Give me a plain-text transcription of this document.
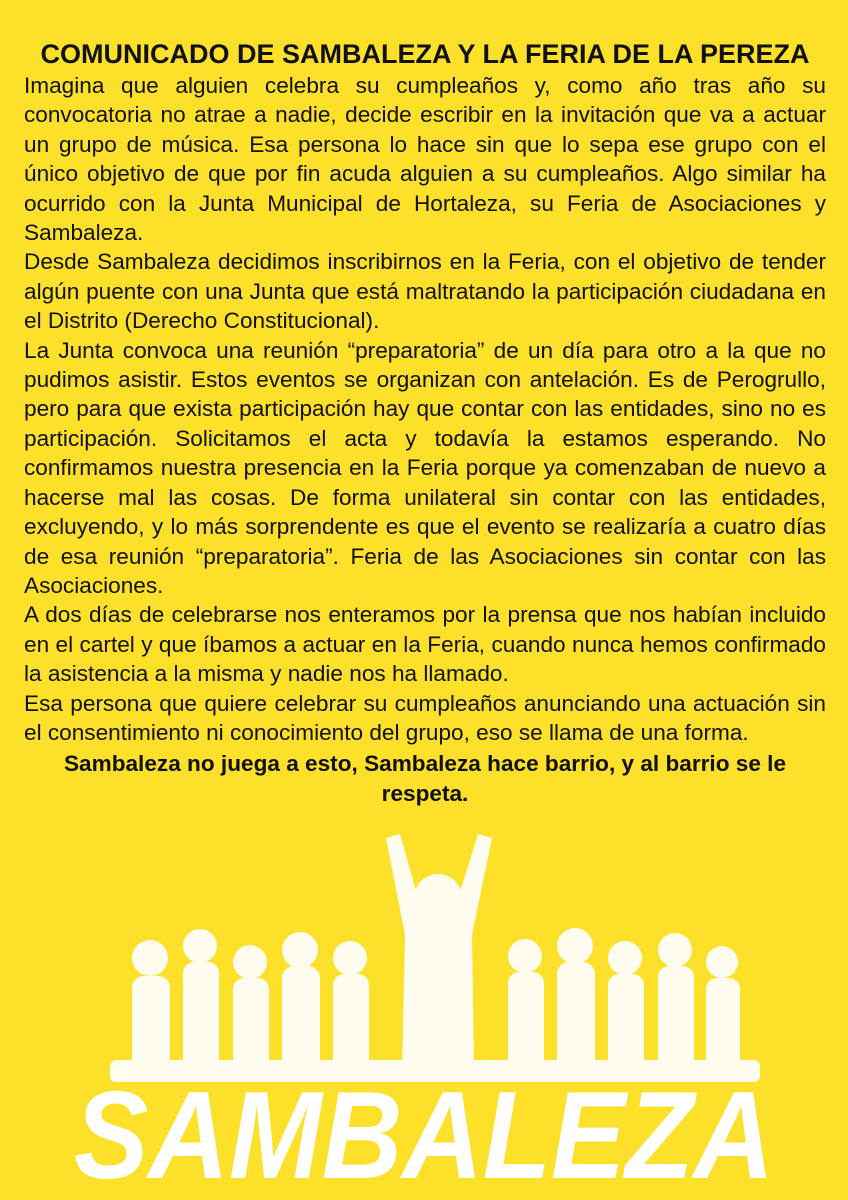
SAMBALEZA
COMUNICADO DE SAMBALEZA Y LA FERIA DE LA PEREZA

Imagina que alguien celebra su cumpleaños y, como año tras año su convocatoria no atrae a nadie, decide escribir en la invitación que va a actuar un grupo de música. Esa persona lo hace sin que lo sepa ese grupo con el único objetivo de que por fin acuda alguien a su cumpleaños. Algo similar ha ocurrido con la Junta Municipal de Hortaleza, su Feria de Asociaciones y Sambaleza.

Desde Sambaleza decidimos inscribirnos en la Feria, con el objetivo de tender algún puente con una Junta que está maltratando la participación ciudadana en el Distrito (Derecho Constitucional).

La Junta convoca una reunión “preparatoria” de un día para otro a la que no pudimos asistir. Estos eventos se organizan con antelación. Es de Perogrullo, pero para que exista participación hay que contar con las entidades, sino no es participación. Solicitamos el acta y todavía la estamos esperando. No confirmamos nuestra presencia en la Feria porque ya comenzaban de nuevo a hacerse mal las cosas. De forma unilateral sin contar con las entidades, excluyendo, y lo más sorprendente es que el evento se realizaría a cuatro días de esa reunión “preparatoria”. Feria de las Asociaciones sin contar con las Asociaciones.

A dos días de celebrarse nos enteramos por la prensa que nos habían incluido en el cartel y que íbamos a actuar en la Feria, cuando nunca hemos confirmado la asistencia a la misma y nadie nos ha llamado.

Esa persona que quiere celebrar su cumpleaños anunciando una actuación sin el consentimiento ni conocimiento del grupo, eso se llama de una forma.

Sambaleza no juega a esto, Sambaleza hace barrio, y al barrio se le respeta.
